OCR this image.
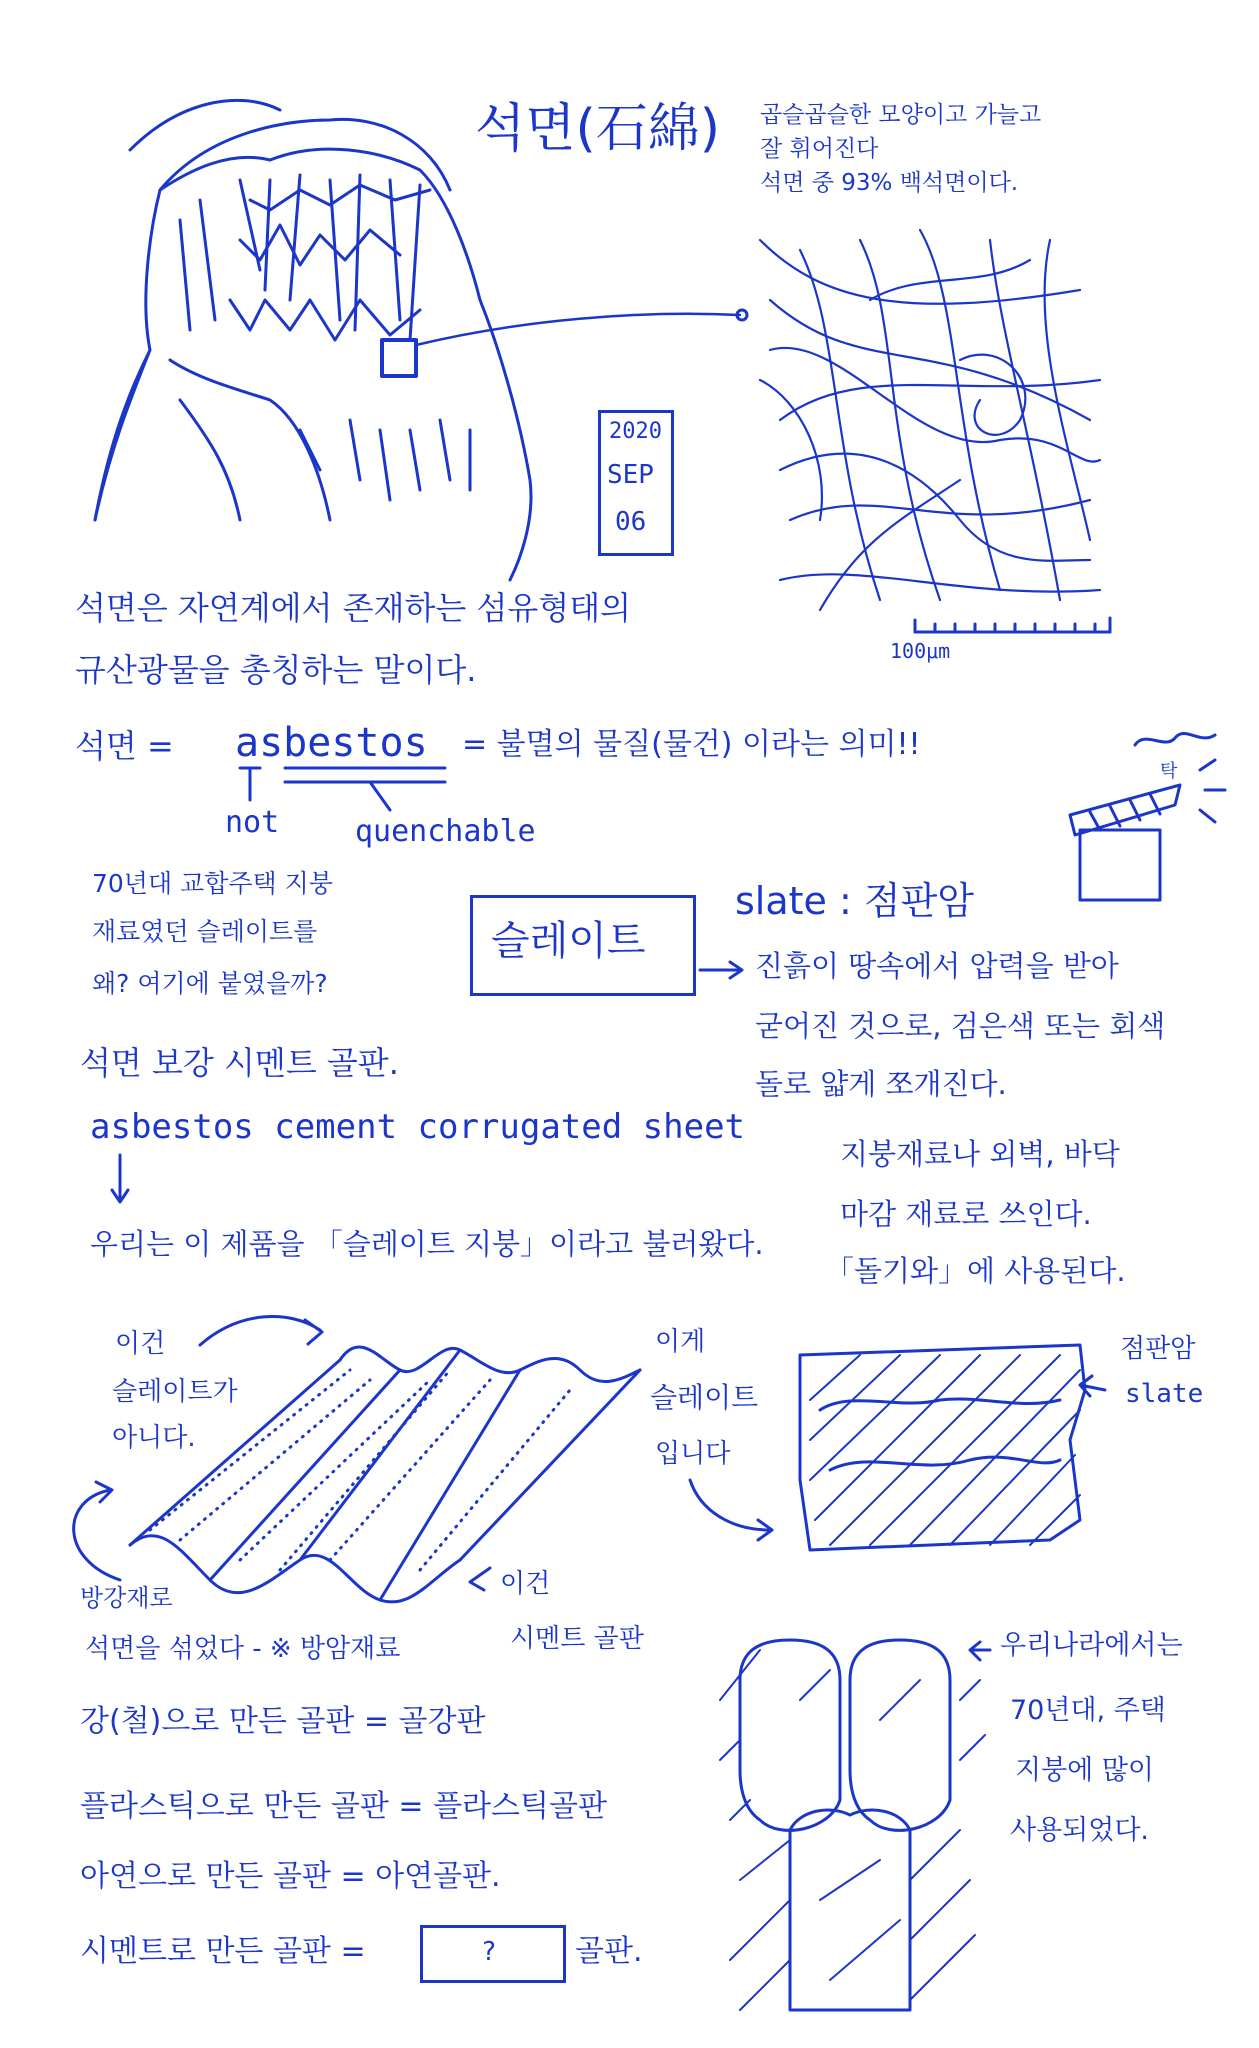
석면(石綿)
2020
SEP
06
곱슬곱슬한 모양이고 가늘고
잘 휘어진다
석면 중 93% 백석면이다.
100μm
석면은 자연계에서 존재하는 섬유형태의
규산광물을 총칭하는 말이다.
석면 = asbestos = 불멸의 물질(물건) 이라는 의미!!
not	quenchable
탁
70년대 교합주택 지붕
재료였던 슬레이트를
왜? 여기에 붙였을까?
슬레이트
slate : 점판암
진흙이 땅속에서 압력을 받아
굳어진 것으로, 검은색 또는 회색
돌로 얇게 쪼개진다.
지붕재료나 외벽, 바닥
마감 재료로 쓰인다.
「돌기와」에 사용된다.
석면 보강 시멘트 골판.
asbestos cement corrugated sheet
우리는 이 제품을 「슬레이트 지붕」이라고 불러왔다.
이건
슬레이트가
아니다.
이게
슬레이트
입니다
점판암
slate
방강재로	이건
시멘트 골판
석면을 섞었다 - ※ 방암재료
강(철)으로 만든 골판 = 골강판
플라스틱으로 만든 골판 = 플라스틱골판
아연으로 만든 골판 = 아연골판.
시멘트로 만든 골판 =	?	골판.
우리나라에서는
70년대, 주택
지붕에 많이
사용되었다.
